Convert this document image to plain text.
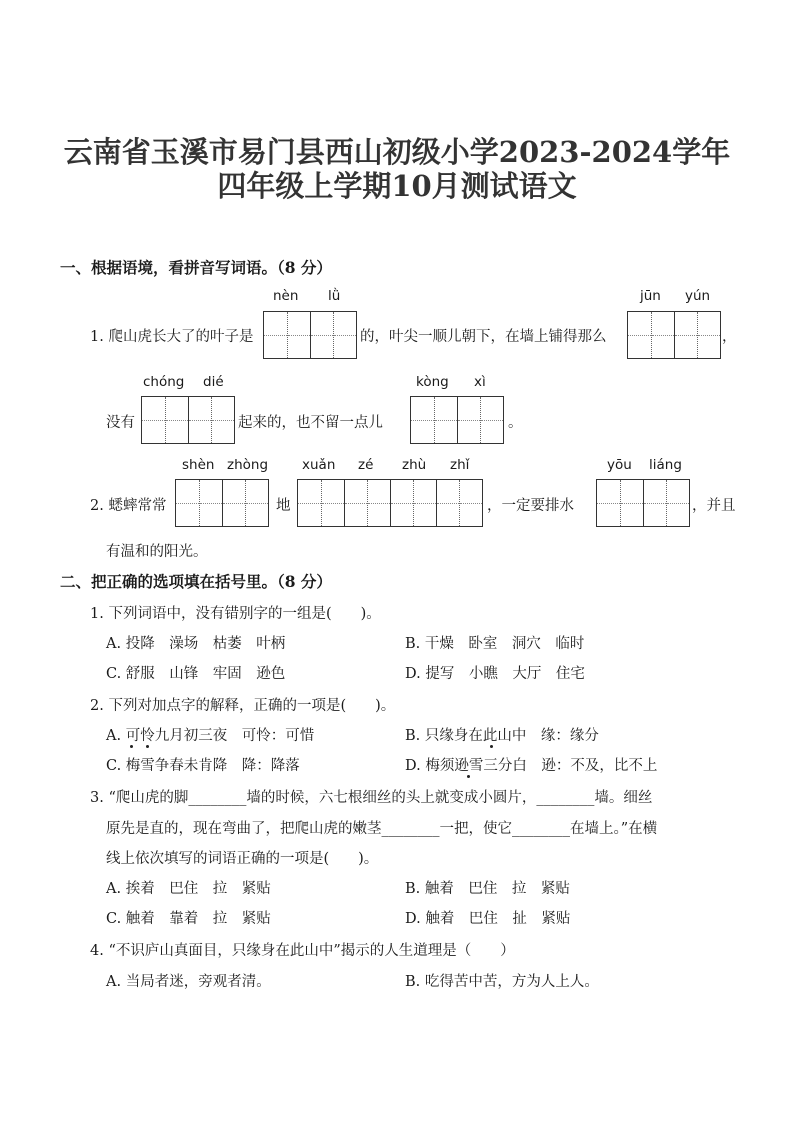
云南省玉溪市易门县西山初级小学2023-2024学年
四年级上学期10月测试语文
一、根据语境，看拼音写词语。（8 分）
nèn lǜ	jūn yún
1. 爬山虎长大了的叶子是	的，叶尖一顺儿朝下，在墙上铺得那么	，
chóng dié	kòng xì
没有	起来的，也不留一点儿	。
shèn zhòng	xuǎn zé zhù zhǐ	yōu liáng
2. 蟋蟀常常	地	，一定要排水	，并且
有温和的阳光。
二、把正确的选项填在括号里。（8 分）
1. 下列词语中，没有错别字的一组是(　　)。
A. 投降　澡场　枯萎　叶柄	B. 干燥　卧室　洞穴　临时
C. 舒服　山锋　牢固　逊色	D. 提写　小瞧　大厅　住宅
2. 下列对加点字的解释，正确的一项是(　　)。
A. 可怜九月初三夜　可怜：可惜	B. 只缘身在此山中　缘：缘分
C. 梅雪争春未肯降　降：降落	D. 梅须逊雪三分白　逊：不及，比不上
3. “爬山虎的脚________墙的时候，六七根细丝的头上就变成小圆片，________墙。细丝
原先是直的，现在弯曲了，把爬山虎的嫩茎________一把，使它________在墙上。”在横
线上依次填写的词语正确的一项是(　　)。
A. 挨着　巴住　拉　紧贴	B. 触着　巴住　拉　紧贴
C. 触着　靠着　拉　紧贴	D. 触着　巴住　扯　紧贴
4. “不识庐山真面目，只缘身在此山中”揭示的人生道理是（　　）
A. 当局者迷，旁观者清。	B. 吃得苦中苦，方为人上人。
